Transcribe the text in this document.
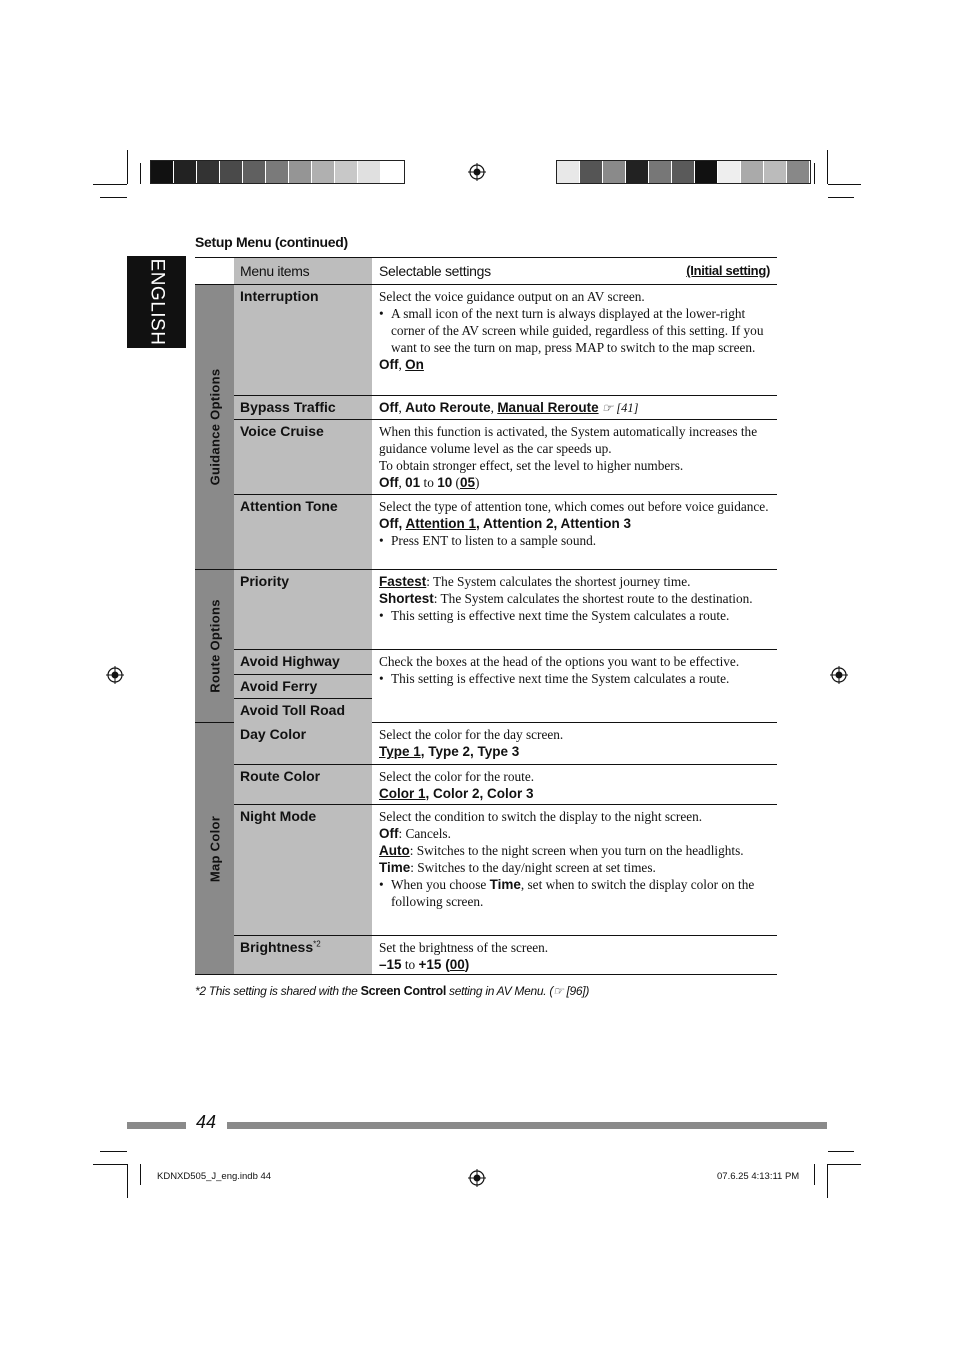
ENGLISH
Setup Menu (continued)
Menu items	Selectable settings	(Initial setting)
Guidance Options
Interruption	Select the voice guidance output on an AV screen.
• A small icon of the next turn is always displayed at the lower-right corner of the AV screen while guided, regardless of this setting. If you want to see the turn on map, press MAP to switch to the map screen.
Off, On
Bypass Traffic	Off, Auto Reroute, Manual Reroute ☞ [41]
Voice Cruise	When this function is activated, the System automatically increases the guidance volume level as the car speeds up.
To obtain stronger effect, set the level to higher numbers.
Off, 01 to 10 (05)
Attention Tone	Select the type of attention tone, which comes out before voice guidance.
Off, Attention 1, Attention 2, Attention 3
• Press ENT to listen to a sample sound.
Route Options
Priority	Fastest: The System calculates the shortest journey time.
Shortest: The System calculates the shortest route to the destination.
• This setting is effective next time the System calculates a route.
Avoid Highway
Avoid Ferry
Avoid Toll Road
Check the boxes at the head of the options you want to be effective.
• This setting is effective next time the System calculates a route.
Map Color
Day Color	Select the color for the day screen.
Type 1, Type 2, Type 3
Route Color	Select the color for the route.
Color 1, Color 2, Color 3
Night Mode	Select the condition to switch the display to the night screen.
Off: Cancels.
Auto: Switches to the night screen when you turn on the headlights.
Time: Switches to the day/night screen at set times.
• When you choose Time, set when to switch the display color on the following screen.
Brightness$^{*2}$	Set the brightness of the screen.
–15 to +15 (00)
*2 This setting is shared with the Screen Control setting in AV Menu. (☞ [96])
44
KDNXD505_J_eng.indb 44	07.6.25 4:13:11 PM
